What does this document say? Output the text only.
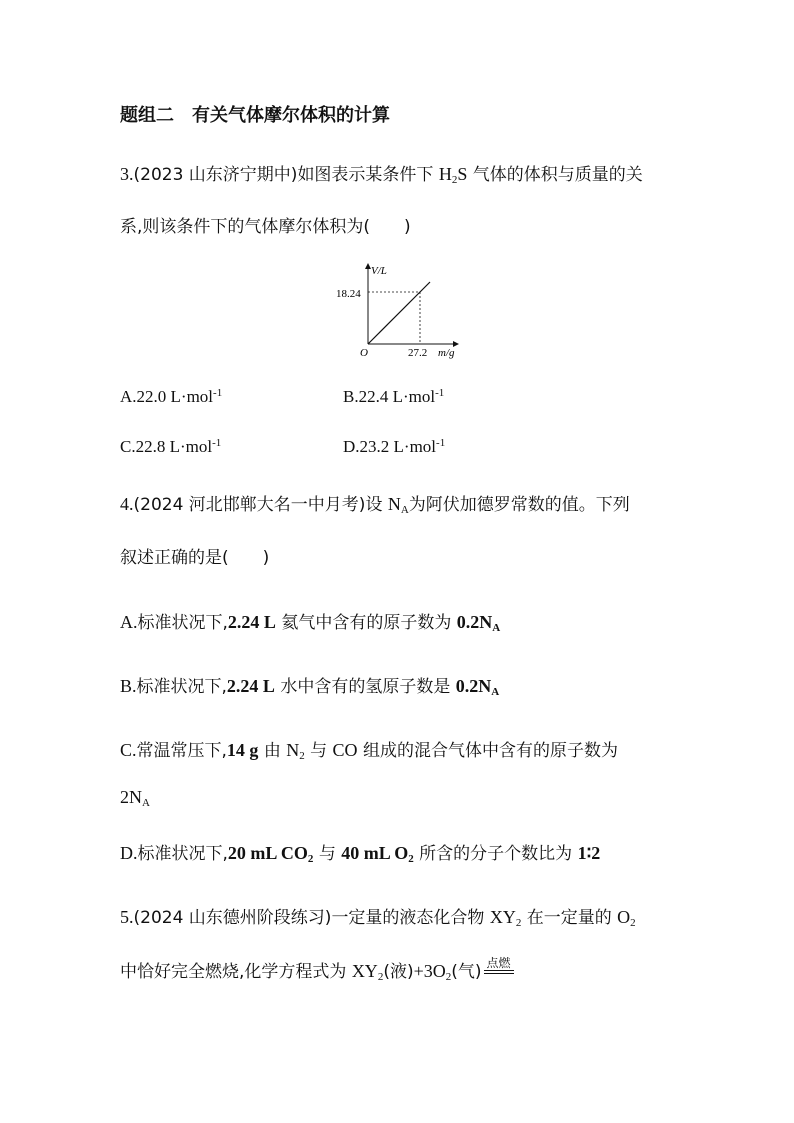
题组二　有关气体摩尔体积的计算
3.(2023 山东济宁期中)如图表示某条件下 $H_2S$ 气体的体积与质量的关
系,则该条件下的气体摩尔体积为( )
V/L
18.24
O	27.2 m/g
A.22.0 L·mol$^{-1}$	B.22.4 L·mol$^{-1}$
C.22.8 L·mol$^{-1}$	D.23.2 L·mol$^{-1}$
4.(2024 河北邯郸大名一中月考)设 $N_A$为阿伏加德罗常数的值。下列
叙述正确的是( )
A.标准状况下,2.24 L 氦气中含有的原子数为 $0.2N_A$
B.标准状况下,2.24 L 水中含有的氢原子数是 $0.2N_A$
C.常温常压下,14 g 由 $N_2$ 与 CO 组成的混合气体中含有的原子数为
$2N_A$
D.标准状况下,20 mL $CO_2$ 与 40 mL $O_2$ 所含的分子个数比为 1∶2
5.(2024 山东德州阶段练习)一定量的液态化合物 $XY_2$ 在一定量的 $O_2$
中恰好完全燃烧,化学方程式为 $XY_2$(液)$+3O_2$(气) 点燃
